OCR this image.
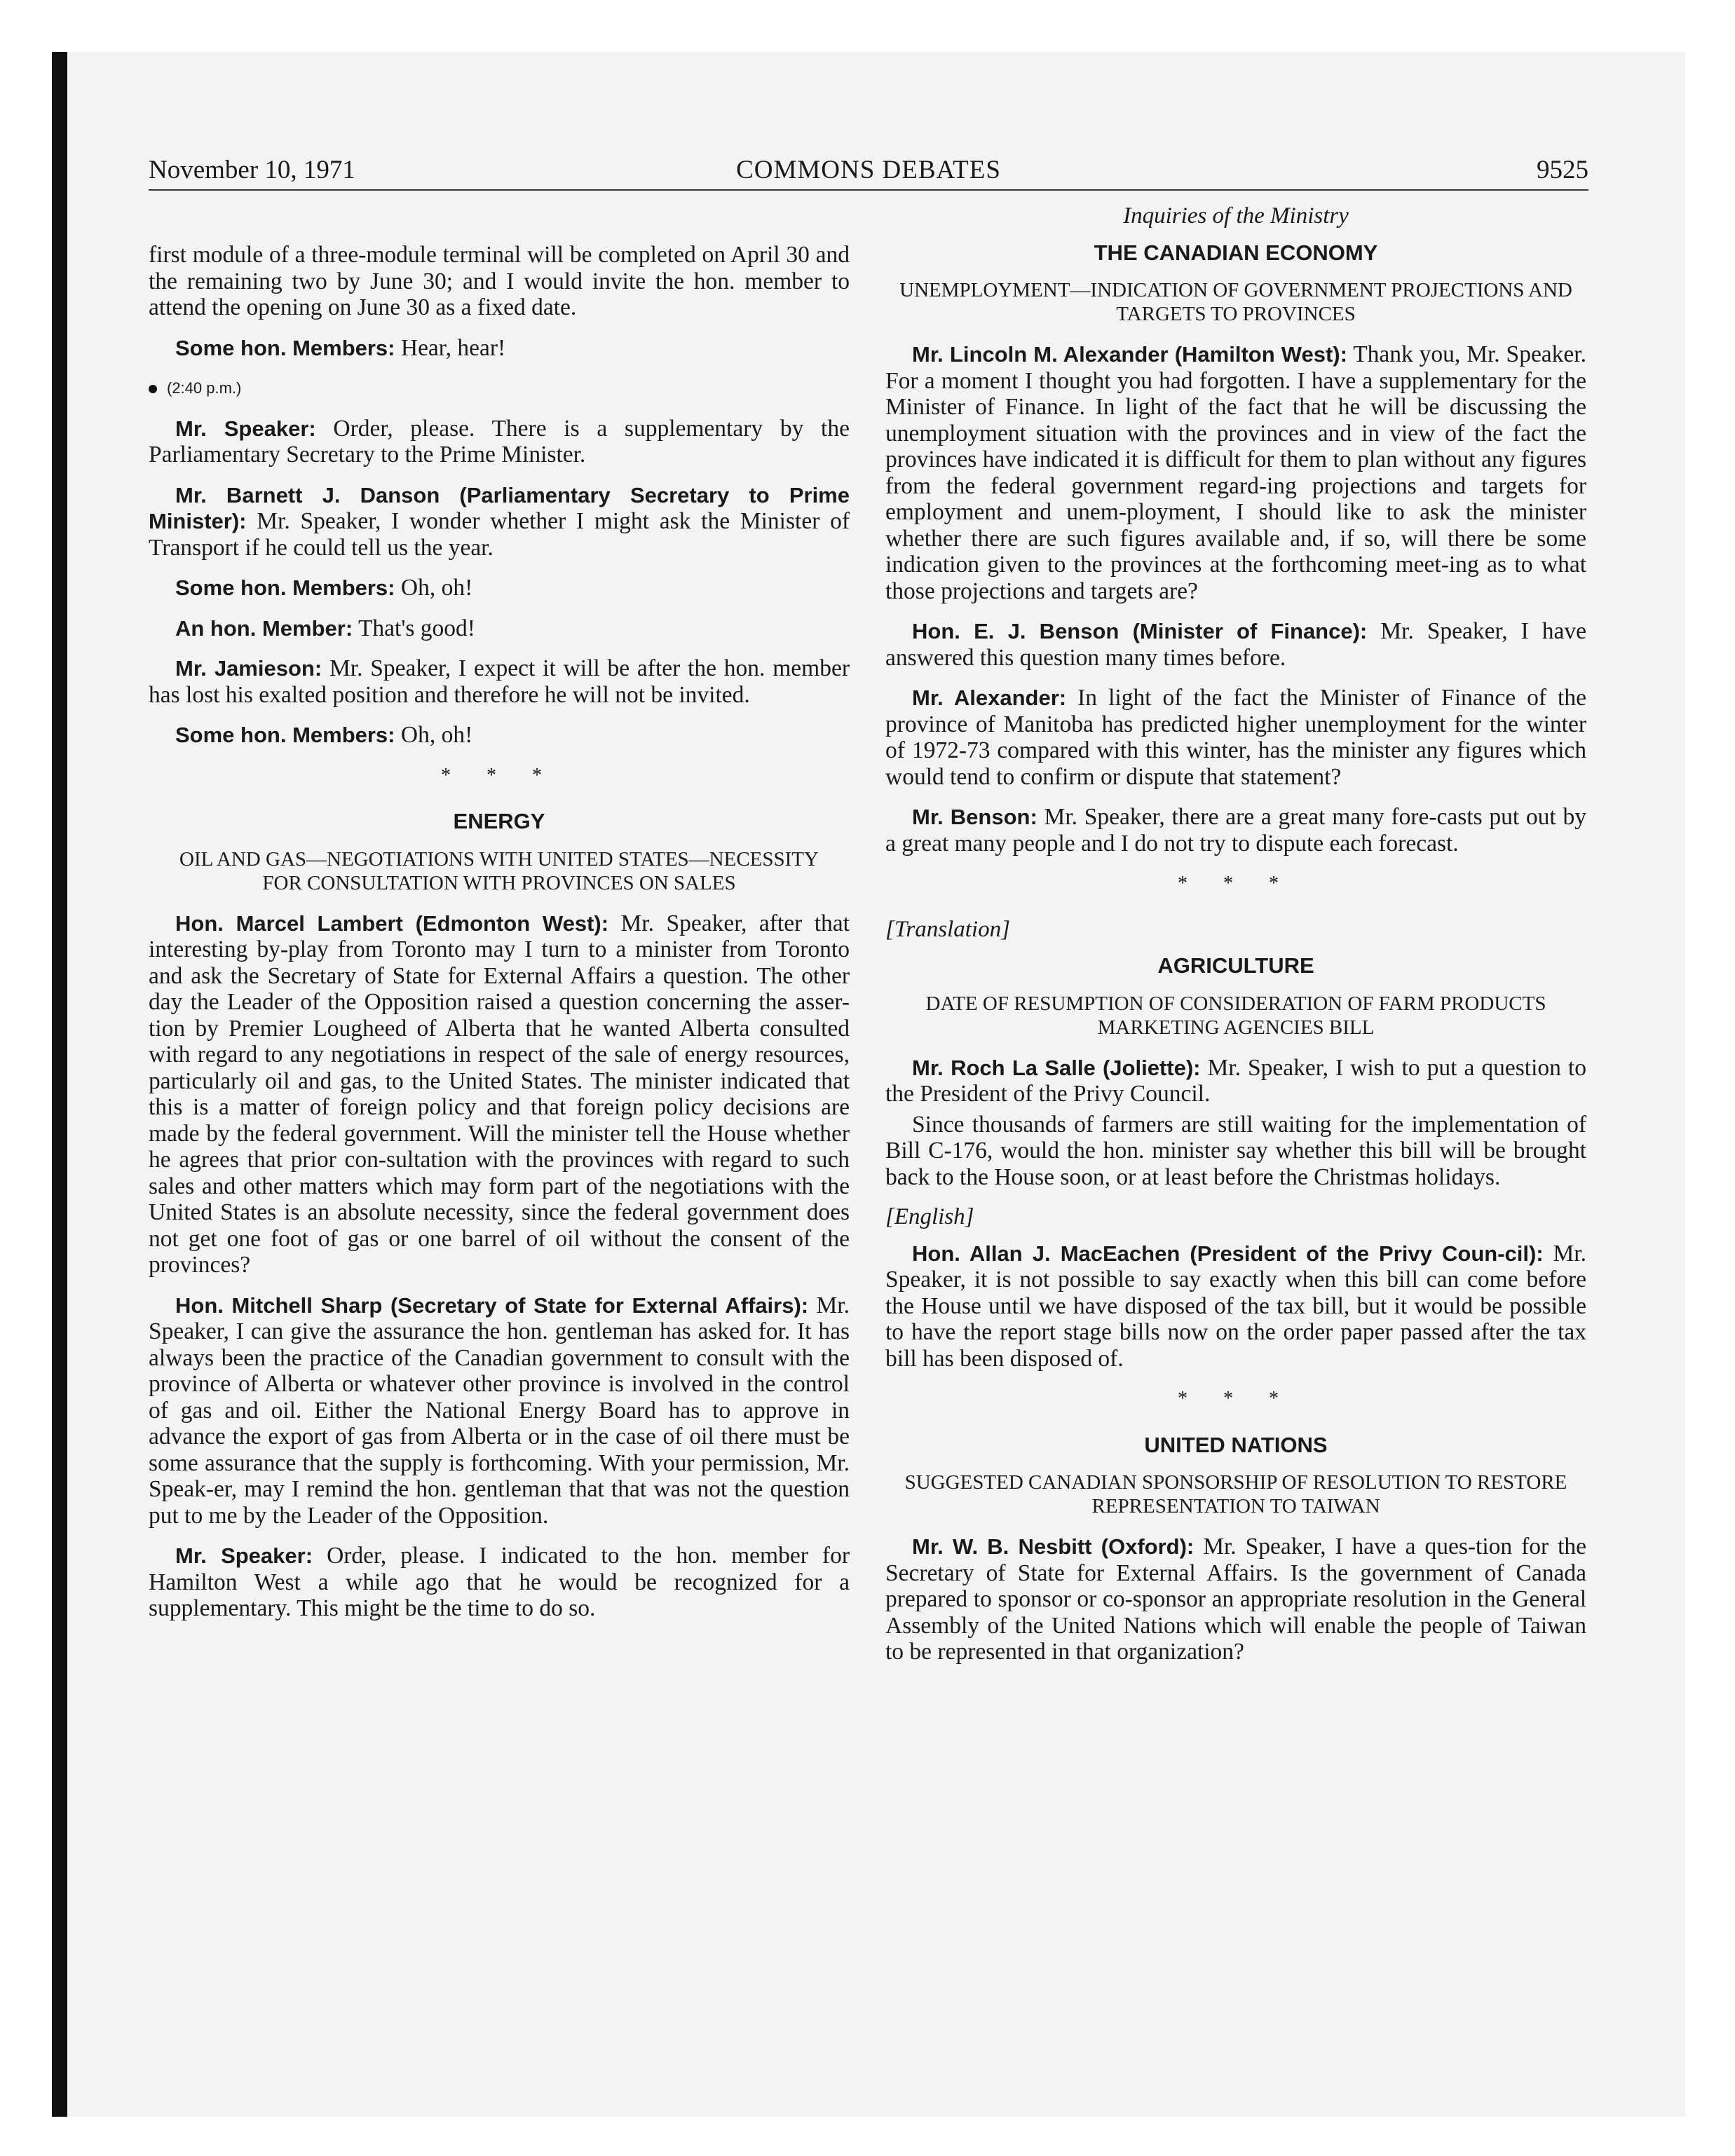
November 10, 1971	COMMONS DEBATES	9525

first module of a three-module terminal will be completed on April 30 and the remaining two by June 30; and I would invite the hon. member to attend the opening on June 30 as a fixed date.

Some hon. Members: Hear, hear!

(2:40 p.m.)

Mr. Speaker: Order, please. There is a supplementary by the Parliamentary Secretary to the Prime Minister.

Mr. Barnett J. Danson (Parliamentary Secretary to Prime Minister): Mr. Speaker, I wonder whether I might ask the Minister of Transport if he could tell us the year.

Some hon. Members: Oh, oh!

An hon. Member: That's good!

Mr. Jamieson: Mr. Speaker, I expect it will be after the hon. member has lost his exalted position and therefore he will not be invited.

Some hon. Members: Oh, oh!

* * *
ENERGY
OIL AND GAS—NEGOTIATIONS WITH UNITED STATES—NECESSITY FOR CONSULTATION WITH PROVINCES ON SALES

Hon. Marcel Lambert (Edmonton West): Mr. Speaker, after that interesting by-play from Toronto may I turn to a minister from Toronto and ask the Secretary of State for External Affairs a question. The other day the Leader of the Opposition raised a question concerning the asser-tion by Premier Lougheed of Alberta that he wanted Alberta consulted with regard to any negotiations in respect of the sale of energy resources, particularly oil and gas, to the United States. The minister indicated that this is a matter of foreign policy and that foreign policy decisions are made by the federal government. Will the minister tell the House whether he agrees that prior con-sultation with the provinces with regard to such sales and other matters which may form part of the negotiations with the United States is an absolute necessity, since the federal government does not get one foot of gas or one barrel of oil without the consent of the provinces?

Hon. Mitchell Sharp (Secretary of State for External Affairs): Mr. Speaker, I can give the assurance the hon. gentleman has asked for. It has always been the practice of the Canadian government to consult with the province of Alberta or whatever other province is involved in the control of gas and oil. Either the National Energy Board has to approve in advance the export of gas from Alberta or in the case of oil there must be some assurance that the supply is forthcoming. With your permission, Mr. Speak-er, may I remind the hon. gentleman that that was not the question put to me by the Leader of the Opposition.

Mr. Speaker: Order, please. I indicated to the hon. member for Hamilton West a while ago that he would be recognized for a supplementary. This might be the time to do so.

Inquiries of the Ministry
THE CANADIAN ECONOMY
UNEMPLOYMENT—INDICATION OF GOVERNMENT PROJECTIONS AND TARGETS TO PROVINCES

Mr. Lincoln M. Alexander (Hamilton West): Thank you, Mr. Speaker. For a moment I thought you had forgotten. I have a supplementary for the Minister of Finance. In light of the fact that he will be discussing the unemployment situation with the provinces and in view of the fact the provinces have indicated it is difficult for them to plan without any figures from the federal government regard-ing projections and targets for employment and unem-ployment, I should like to ask the minister whether there are such figures available and, if so, will there be some indication given to the provinces at the forthcoming meet-ing as to what those projections and targets are?

Hon. E. J. Benson (Minister of Finance): Mr. Speaker, I have answered this question many times before.

Mr. Alexander: In light of the fact the Minister of Finance of the province of Manitoba has predicted higher unemployment for the winter of 1972-73 compared with this winter, has the minister any figures which would tend to confirm or dispute that statement?

Mr. Benson: Mr. Speaker, there are a great many fore-casts put out by a great many people and I do not try to dispute each forecast.

* * *
[Translation]
AGRICULTURE
DATE OF RESUMPTION OF CONSIDERATION OF FARM PRODUCTS MARKETING AGENCIES BILL

Mr. Roch La Salle (Joliette): Mr. Speaker, I wish to put a question to the President of the Privy Council.

Since thousands of farmers are still waiting for the implementation of Bill C-176, would the hon. minister say whether this bill will be brought back to the House soon, or at least before the Christmas holidays.

[English]

Hon. Allan J. MacEachen (President of the Privy Coun-cil): Mr. Speaker, it is not possible to say exactly when this bill can come before the House until we have disposed of the tax bill, but it would be possible to have the report stage bills now on the order paper passed after the tax bill has been disposed of.

* * *
UNITED NATIONS
SUGGESTED CANADIAN SPONSORSHIP OF RESOLUTION TO RESTORE REPRESENTATION TO TAIWAN

Mr. W. B. Nesbitt (Oxford): Mr. Speaker, I have a ques-tion for the Secretary of State for External Affairs. Is the government of Canada prepared to sponsor or co-sponsor an appropriate resolution in the General Assembly of the United Nations which will enable the people of Taiwan to be represented in that organization?
